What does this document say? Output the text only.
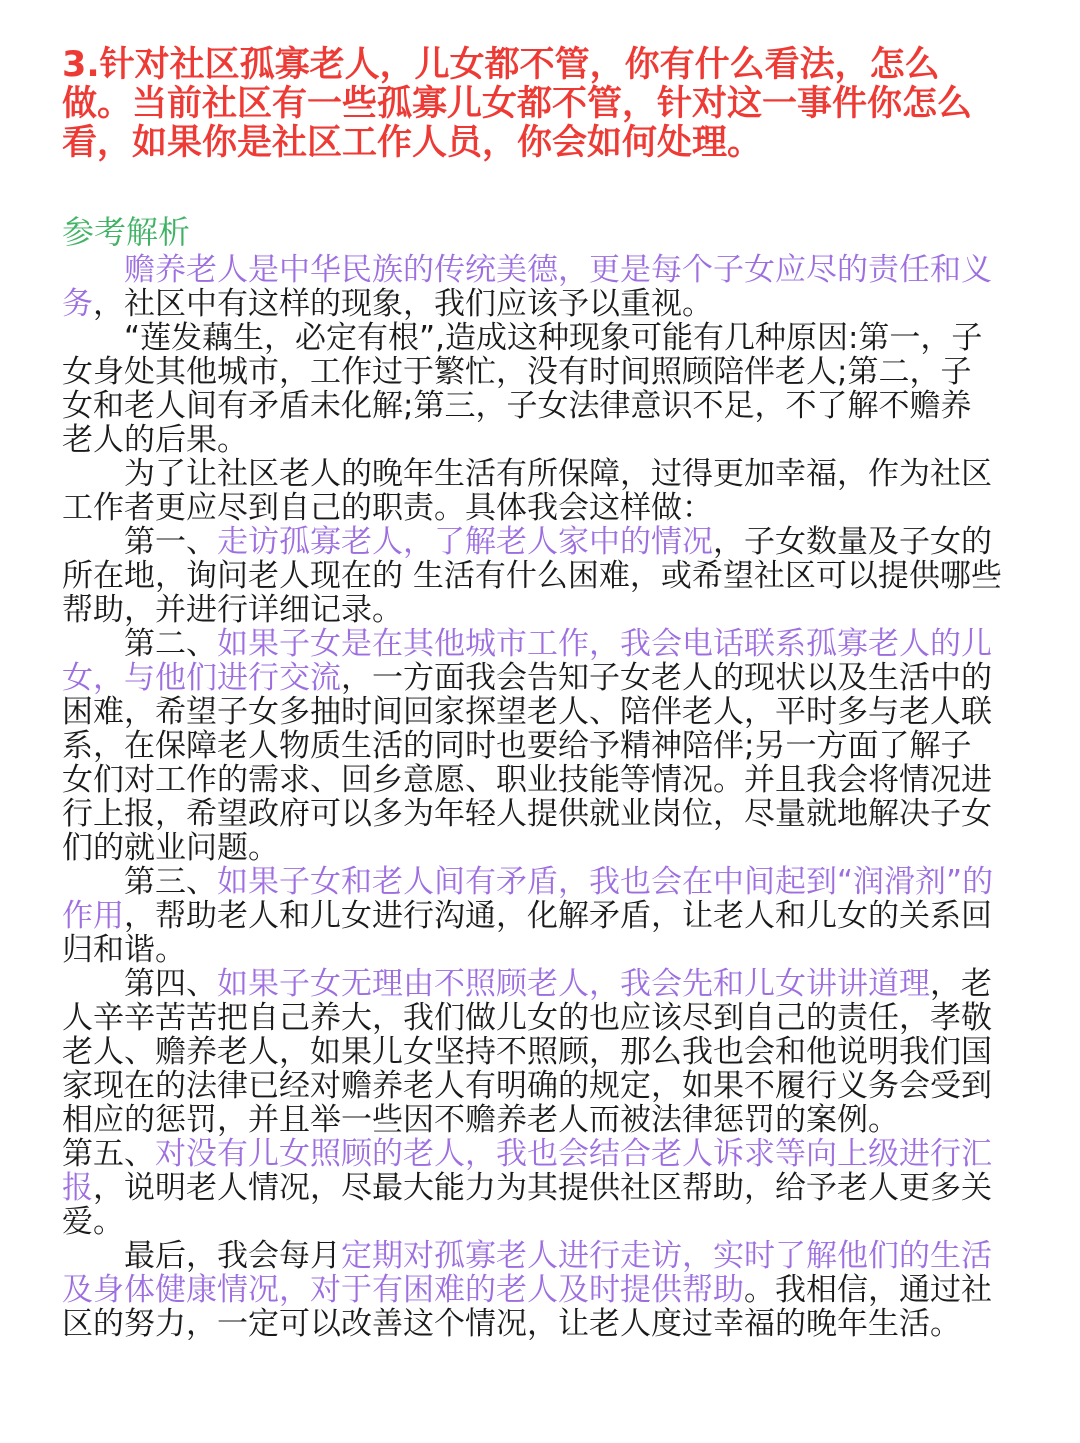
3.针对社区孤寡老人，儿女都不管，你有什么看法，怎么做。当前社区有一些孤寡儿女都不管，针对这一事件你怎么看，如果你是社区工作人员，你会如何处理。
参考解析

赡养老人是中华民族的传统美德，更是每个子女应尽的责任和义务，社区中有这样的现象，我们应该予以重视。

“莲发藕生，必定有根”,造成这种现象可能有几种原因:第一，子女身处其他城市，工作过于繁忙，没有时间照顾陪伴老人;第二，子女和老人间有矛盾未化解;第三，子女法律意识不足，不了解不赡养老人的后果。

为了让社区老人的晚年生活有所保障，过得更加幸福，作为社区工作者更应尽到自己的职责。具体我会这样做：

第一、走访孤寡老人，了解老人家中的情况，子女数量及子女的所在地，询问老人现在的 生活有什么困难，或希望社区可以提供哪些帮助，并进行详细记录。

第二、如果子女是在其他城市工作，我会电话联系孤寡老人的儿女，与他们进行交流，一方面我会告知子女老人的现状以及生活中的困难，希望子女多抽时间回家探望老人、陪伴老人，平时多与老人联系，在保障老人物质生活的同时也要给予精神陪伴;另一方面了解子女们对工作的需求、回乡意愿、职业技能等情况。并且我会将情况进行上报，希望政府可以多为年轻人提供就业岗位，尽量就地解决子女们的就业问题。

第三、如果子女和老人间有矛盾，我也会在中间起到“润滑剂”的作用，帮助老人和儿女进行沟通，化解矛盾，让老人和儿女的关系回归和谐。

第四、如果子女无理由不照顾老人，我会先和儿女讲讲道理，老人辛辛苦苦把自己养大，我们做儿女的也应该尽到自己的责任，孝敬老人、赡养老人，如果儿女坚持不照顾，那么我也会和他说明我们国家现在的法律已经对赡养老人有明确的规定，如果不履行义务会受到相应的惩罚，并且举一些因不赡养老人而被法律惩罚的案例。

第五、对没有儿女照顾的老人，我也会结合老人诉求等向上级进行汇报，说明老人情况，尽最大能力为其提供社区帮助，给予老人更多关爱。

最后，我会每月定期对孤寡老人进行走访，实时了解他们的生活及身体健康情况，对于有困难的老人及时提供帮助。我相信，通过社区的努力，一定可以改善这个情况，让老人度过幸福的晚年生活。
